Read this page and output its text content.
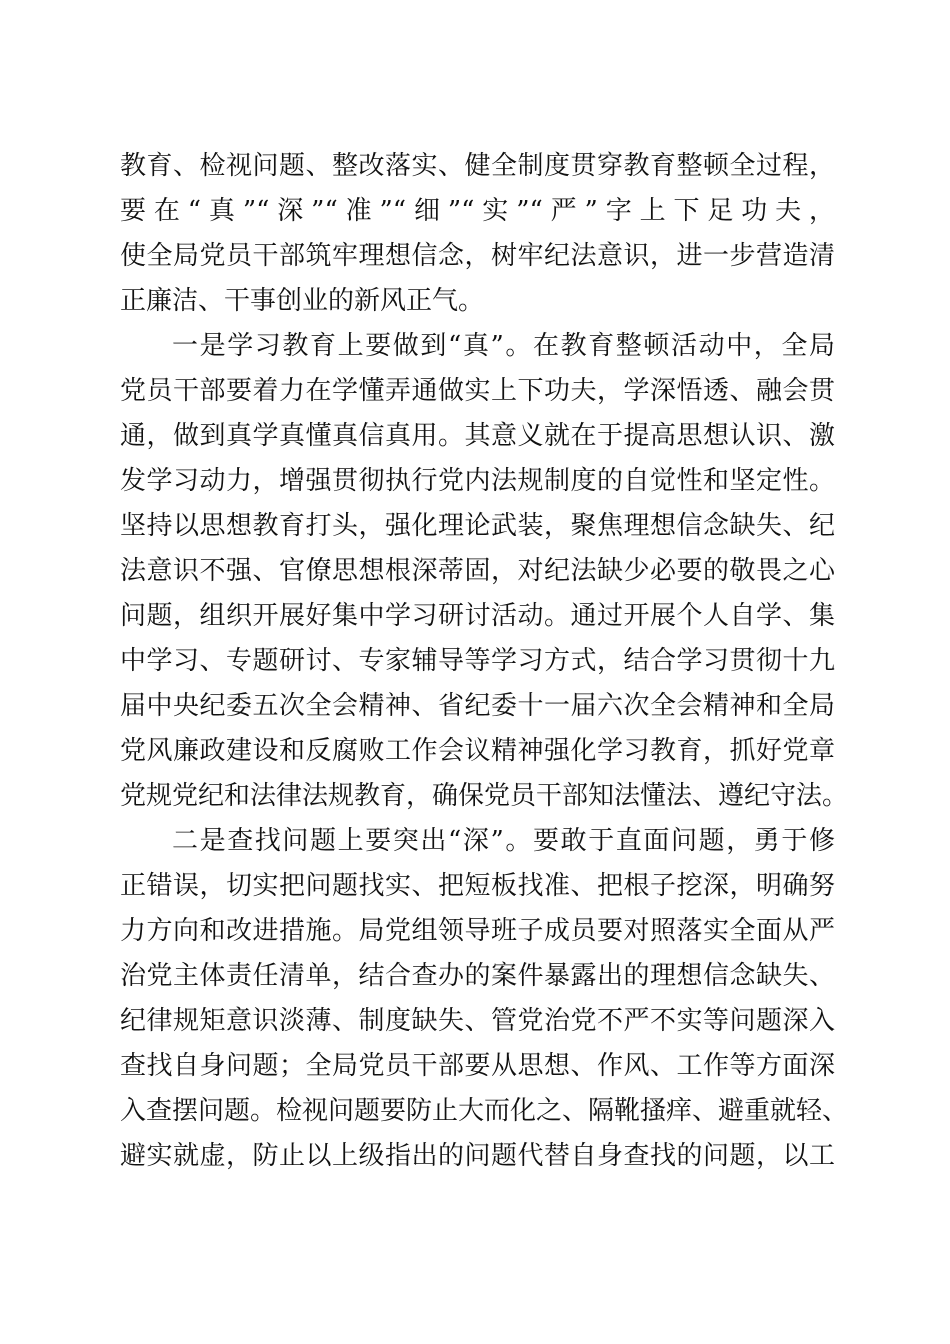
教育、检视问题、整改落实、健全制度贯穿教育整顿全过程，
要在“真”“深”“准”“细”“实”“严”字上下足功夫，
使全局党员干部筑牢理想信念，树牢纪法意识，进一步营造清
正廉洁、干事创业的新风正气。
一是学习教育上要做到“真”。在教育整顿活动中，全局
党员干部要着力在学懂弄通做实上下功夫，学深悟透、融会贯
通，做到真学真懂真信真用。其意义就在于提高思想认识、激
发学习动力，增强贯彻执行党内法规制度的自觉性和坚定性。
坚持以思想教育打头，强化理论武装，聚焦理想信念缺失、纪
法意识不强、官僚思想根深蒂固，对纪法缺少必要的敬畏之心
问题，组织开展好集中学习研讨活动。通过开展个人自学、集
中学习、专题研讨、专家辅导等学习方式，结合学习贯彻十九
届中央纪委五次全会精神、省纪委十一届六次全会精神和全局
党风廉政建设和反腐败工作会议精神强化学习教育，抓好党章
党规党纪和法律法规教育，确保党员干部知法懂法、遵纪守法。
二是查找问题上要突出“深”。要敢于直面问题，勇于修
正错误，切实把问题找实、把短板找准、把根子挖深，明确努
力方向和改进措施。局党组领导班子成员要对照落实全面从严
治党主体责任清单，结合查办的案件暴露出的理想信念缺失、
纪律规矩意识淡薄、制度缺失、管党治党不严不实等问题深入
查找自身问题；全局党员干部要从思想、作风、工作等方面深
入查摆问题。检视问题要防止大而化之、隔靴搔痒、避重就轻、
避实就虚，防止以上级指出的问题代替自身查找的问题，以工
